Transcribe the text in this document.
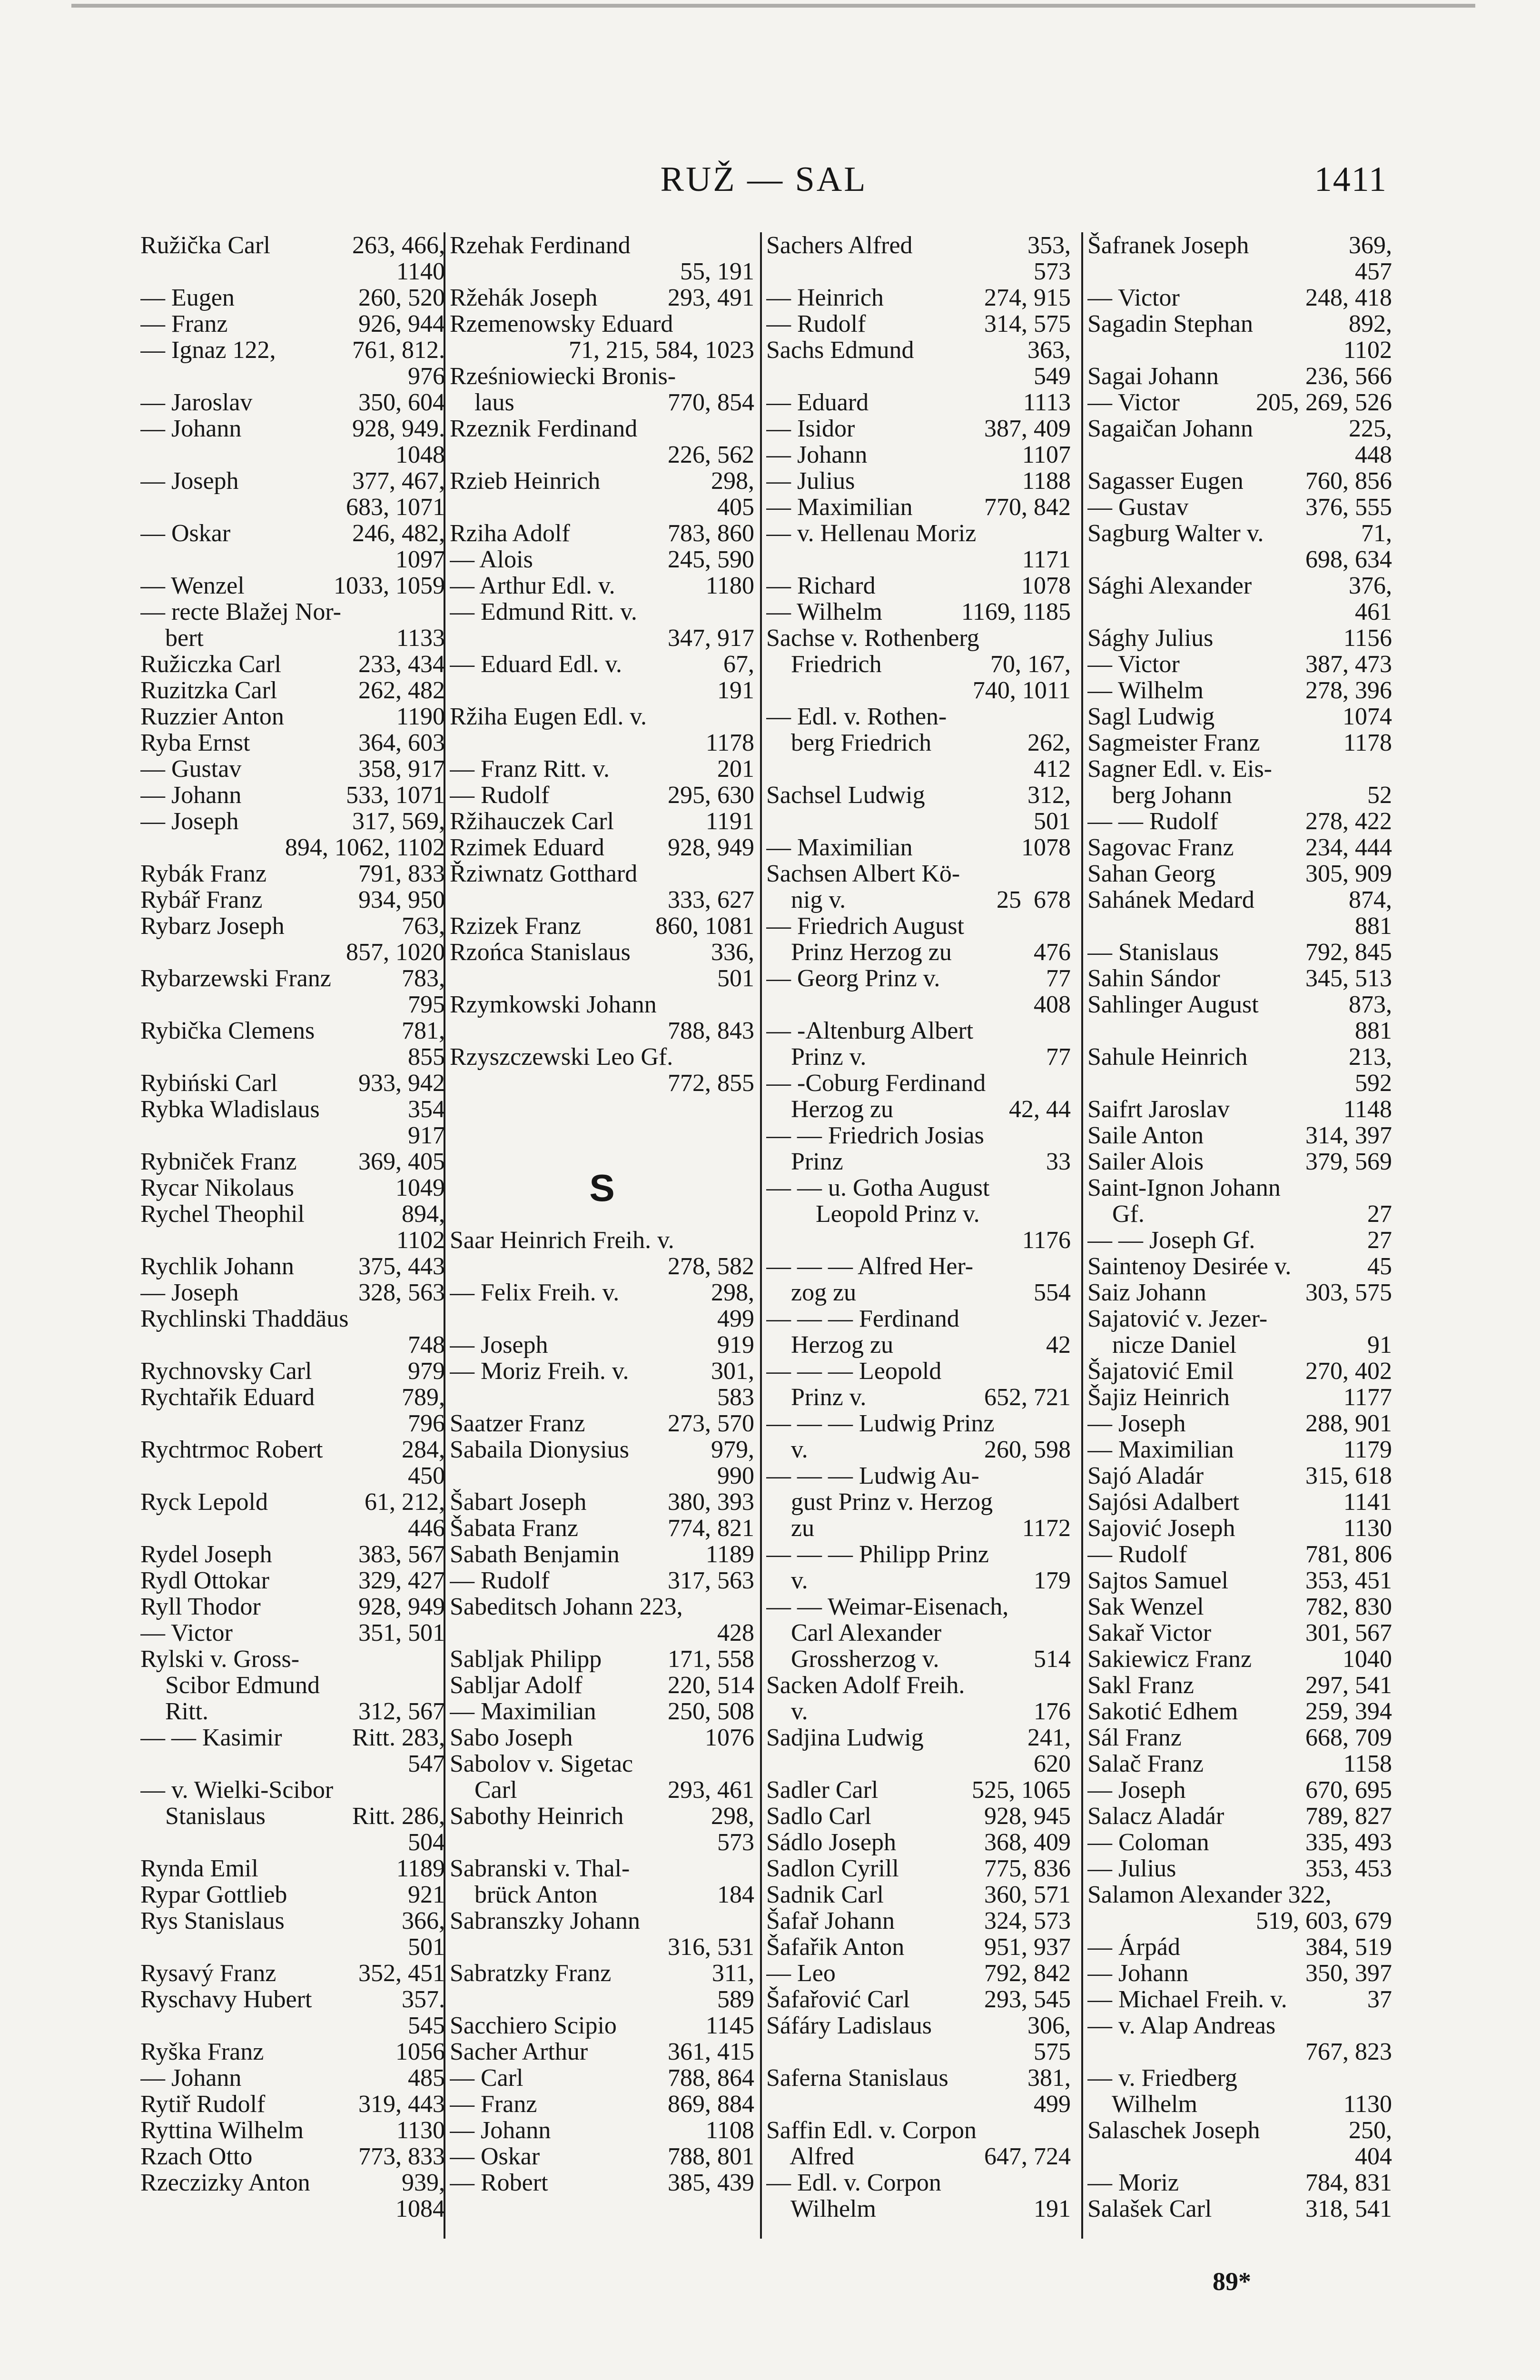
RUŽ — SAL	1411
Ružička Carl	263, 466,
1140
— Eugen	260, 520
— Franz	926, 944
— Ignaz 122,	761, 812.
976
— Jaroslav	350, 604
— Johann	928, 949.
1048
— Joseph	377, 467,
683, 1071
— Oskar	246, 482,
1097
— Wenzel	1033, 1059
— recte Blažej Nor-
bert	1133
Ružiczka Carl	233, 434
Ruzitzka Carl	262, 482
Ruzzier Anton	1190
Ryba Ernst	364, 603
— Gustav	358, 917
— Johann	533, 1071
— Joseph	317, 569,
894, 1062, 1102
Rybák Franz	791, 833
Rybář Franz	934, 950
Rybarz Joseph	763,
857, 1020
Rybarzewski Franz	783,
795
Rybička Clemens	781,
855
Rybiński Carl	933, 942
Rybka Wladislaus	354
917
Rybniček Franz 369, 405
Rycar Nikolaus	1049
Rychel Theophil	894,
1102
Rychlik Johann	375, 443
— Joseph	328, 563
Rychlinski Thaddäus
748
Rychnovsky Carl	979
Rychtařik Eduard	789,
796
Rychtrmoc Robert	284,
450
Ryck Lepold	61, 212,
446
Rydel Joseph	383, 567
Rydl Ottokar	329, 427
Ryll Thodor	928, 949
— Victor	351, 501
Rylski v. Gross-
Scibor Edmund
Ritt.	312, 567
— — Kasimir	Ritt. 283,
547
— v. Wielki-Scibor
Stanislaus	Ritt. 286,
504
Rynda Emil	1189
Rypar Gottlieb	921
Rys Stanislaus	366,
501
Rysavý Franz	352, 451
Ryschavy Hubert	357.
545
Ryška Franz	1056
— Johann	485
Rytiř Rudolf	319, 443
Ryttina Wilhelm	1130
Rzach Otto	773, 833
Rzeczizky Anton	939,
1084
Rzehak Ferdinand
55, 191
Ržehák Joseph	293, 491
Rzemenowsky Eduard
71, 215, 584, 1023
Rześniowiecki Bronis-
laus	770, 854
Rzeznik Ferdinand
226, 562
Rzieb Heinrich	298,
405
Rziha Adolf	783, 860
— Alois	245, 590
— Arthur Edl. v.	1180
— Edmund Ritt. v.
347, 917
— Eduard Edl. v.	67,
191
Ržiha Eugen Edl. v.
1178
— Franz Ritt. v.	201
— Rudolf	295, 630
Ržihauczek Carl	1191
Rzimek Eduard	928, 949
Řziwnatz Gotthard
333, 627
Rzizek Franz	860, 1081
Rzońca Stanislaus	336,
501
Rzymkowski Johann
788, 843
Rzyszczewski Leo Gf.
772, 855
S
Saar Heinrich Freih. v.
278, 582
— Felix Freih. v.	298,
499
— Joseph	919
— Moriz Freih. v.	301,
583
Saatzer Franz	273, 570
Sabaila Dionysius	979,
990
Šabart Joseph	380, 393
Šabata Franz	774, 821
Sabath Benjamin	1189
— Rudolf	317, 563
Sabeditsch Johann 223,
428
Sabljak Philipp	171, 558
Sabljar Adolf	220, 514
— Maximilian	250, 508
Sabo Joseph	1076
Sabolov v. Sigetac
Carl	293, 461
Sabothy Heinrich	298,
573
Sabranski v. Thal-
brück Anton	184
Sabranszky Johann
316, 531
Sabratzky Franz	311,
589
Sacchiero Scipio	1145
Sacher Arthur	361, 415
— Carl	788, 864
— Franz	869, 884
— Johann	1108
— Oskar	788, 801
— Robert	385, 439
Sachers Alfred	353,
573
— Heinrich	274, 915
— Rudolf	314, 575
Sachs Edmund	363,
549
— Eduard	1113
— Isidor	387, 409
— Johann	1107
— Julius	1188
— Maximilian	770, 842
— v. Hellenau Moriz
1171
— Richard	1078
— Wilhelm	1169, 1185
Sachse v. Rothenberg
Friedrich	70, 167,
740, 1011
— Edl. v. Rothen-
berg Friedrich	262,
412
Sachsel Ludwig	312,
501
— Maximilian	1078
Sachsen Albert Kö-
nig v.	25  678
— Friedrich August
Prinz Herzog zu	476
— Georg Prinz v.	77
408
— -Altenburg Albert
Prinz v.	77
— -Coburg Ferdinand
Herzog zu	42, 44
— — Friedrich Josias
Prinz	33
— — u. Gotha August
Leopold Prinz v.
1176
— — — Alfred Her-
zog zu	554
— — — Ferdinand
Herzog zu	42
— — — Leopold
Prinz v.	652, 721
— — — Ludwig Prinz
v.	260, 598
— — — Ludwig Au-
gust Prinz v. Herzog
zu	1172
— — — Philipp Prinz
v.	179
— — Weimar-Eisenach,
Carl Alexander
Grossherzog v.	514
Sacken Adolf Freih.
v.	176
Sadjina Ludwig	241,
620
Sadler Carl	525, 1065
Sadlo Carl	928, 945
Sádlo Joseph	368, 409
Sadlon Cyrill	775, 836
Sadnik Carl	360, 571
Šafař Johann	324, 573
Šafařik Anton	951, 937
— Leo	792, 842
Šafařović Carl	293, 545
Sáfáry Ladislaus	306,
575
Saferna Stanislaus	381,
499
Saffin Edl. v. Corpon
Alfred	647, 724
— Edl. v. Corpon
Wilhelm	191
Šafranek Joseph	369,
457
— Victor	248, 418
Sagadin Stephan	892,
1102
Sagai Johann	236, 566
— Victor	205, 269, 526
Sagaičan Johann	225,
448
Sagasser Eugen	760, 856
— Gustav	376, 555
Sagburg Walter v.	71,
698, 634
Sághi Alexander	376,
461
Sághy Julius	1156
— Victor	387, 473
— Wilhelm	278, 396
Sagl Ludwig	1074
Sagmeister Franz	1178
Sagner Edl. v. Eis-
berg Johann	52
— — Rudolf	278, 422
Sagovac Franz	234, 444
Sahan Georg	305, 909
Sahánek Medard	874,
881
— Stanislaus	792, 845
Sahin Sándor	345, 513
Sahlinger August	873,
881
Sahule Heinrich	213,
592
Saifrt Jaroslav	1148
Saile Anton	314, 397
Sailer Alois	379, 569
Saint-Ignon Johann
Gf.	27
— — Joseph Gf.	27
Saintenoy Desirée v.	45
Saiz Johann	303, 575
Sajatović v. Jezer-
nicze Daniel	91
Šajatović Emil	270, 402
Šajiz Heinrich	1177
— Joseph	288, 901
— Maximilian	1179
Sajó Aladár	315, 618
Sajósi Adalbert	1141
Sajović Joseph	1130
— Rudolf	781, 806
Sajtos Samuel	353, 451
Sak Wenzel	782, 830
Sakař Victor	301, 567
Sakiewicz Franz	1040
Sakl Franz	297, 541
Sakotić Edhem	259, 394
Sál Franz	668, 709
Salač Franz	1158
— Joseph	670, 695
Salacz Aladár	789, 827
— Coloman	335, 493
— Julius	353, 453
Salamon Alexander 322,
519, 603, 679
— Árpád	384, 519
— Johann	350, 397
— Michael Freih. v.	37
— v. Alap Andreas
767, 823
— v. Friedberg
Wilhelm	1130
Salaschek Joseph	250,
404
— Moriz	784, 831
Salašek Carl	318, 541
89*
